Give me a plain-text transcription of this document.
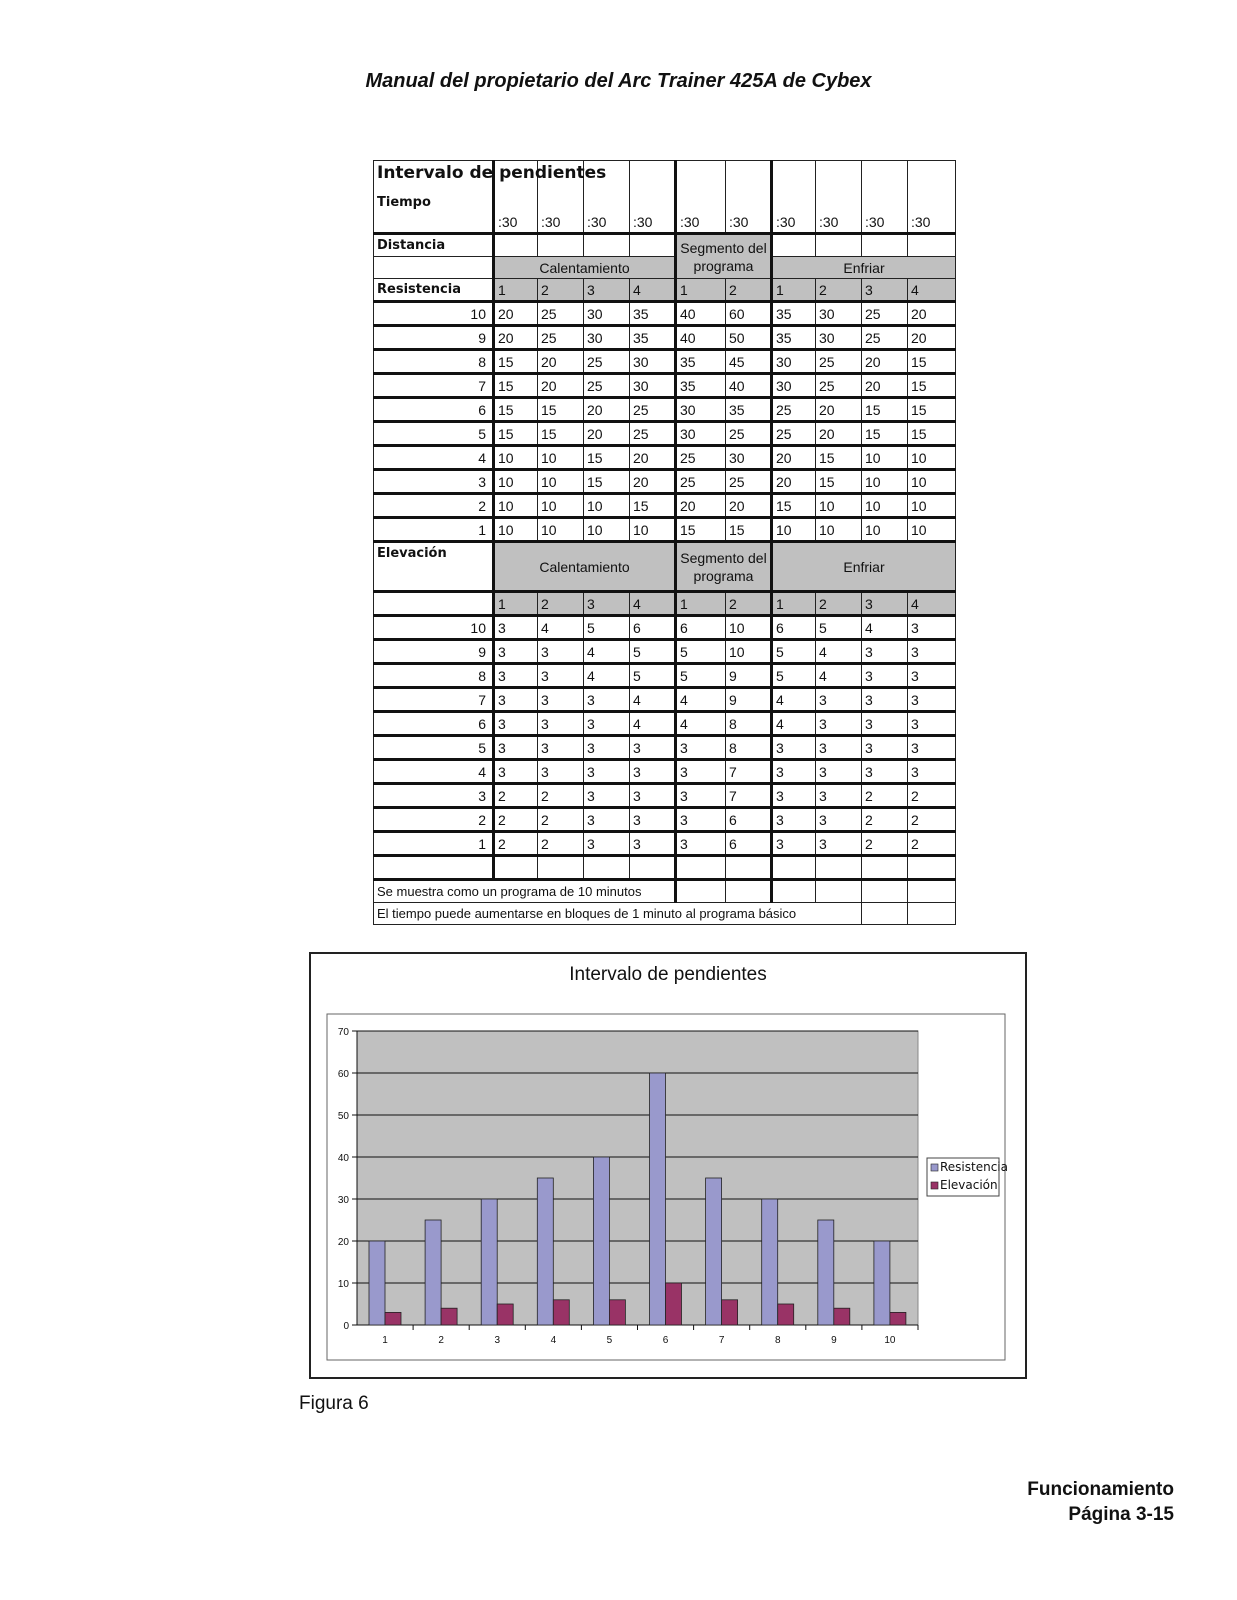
Manual del propietario del Arc Trainer 425A de Cybex
Intervalo de pendientes
Tiempo	:30	:30	:30	:30	:30	:30	:30	:30	:30	:30
Distancia					Segmento del programa					
	Calentamiento						Enfriar			
Resistencia	1	2	3	4	1	2	1	2	3	4
10	20	25	30	35	40	60	35	30	25	20
9	20	25	30	35	40	50	35	30	25	20
8	15	20	25	30	35	45	30	25	20	15
7	15	20	25	30	35	40	30	25	20	15
6	15	15	20	25	30	35	25	20	15	15
5	15	15	20	25	30	25	25	20	15	15
4	10	10	15	20	25	30	20	15	10	10
3	10	10	15	20	25	25	20	15	10	10
2	10	10	10	15	20	20	15	10	10	10
1	10	10	10	10	15	15	10	10	10	10
Elevación	Calentamiento				Segmento del programa		Enfriar			
	1	2	3	4	1	2	1	2	3	4
10	3	4	5	6	6	10	6	5	4	3
9	3	3	4	5	5	10	5	4	3	3
8	3	3	4	5	5	9	5	4	3	3
7	3	3	3	4	4	9	4	3	3	3
6	3	3	3	4	4	8	4	3	3	3
5	3	3	3	3	3	8	3	3	3	3
4	3	3	3	3	3	7	3	3	3	3
3	2	2	3	3	3	7	3	3	2	2
2	2	2	3	3	3	6	3	3	2	2
1	2	2	3	3	3	6	3	3	2	2

Se muestra como un programa de 10 minutos										
El tiempo puede aumentarse en bloques de 1 minuto al programa básico										
Intervalo de pendientes
0
10
20
30
40
50
60
70
1	2	3	4	5	6	7	8	9	10
Resistencia
Elevación
Figura 6
Funcionamiento
Página 3-15
